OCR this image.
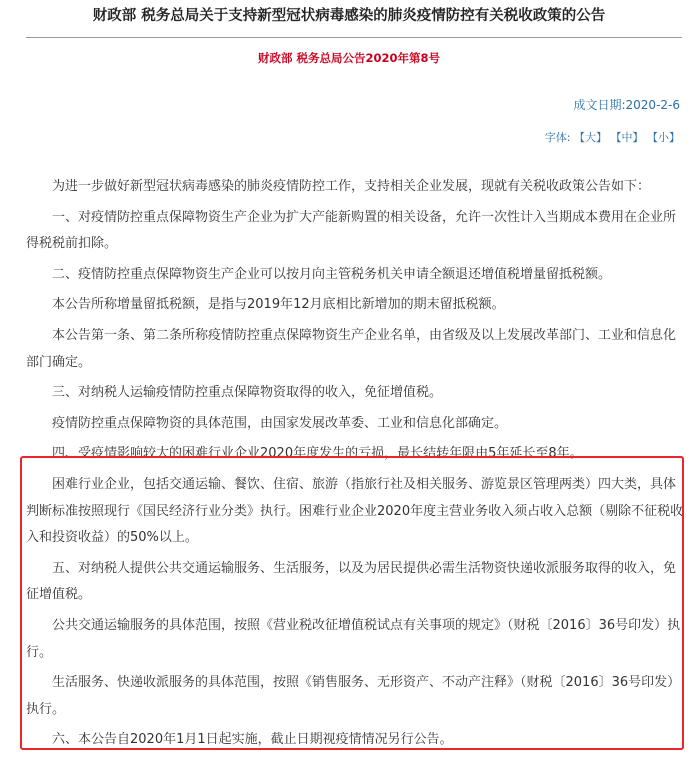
财政部 税务总局关于支持新型冠状病毒感染的肺炎疫情防控有关税收政策的公告
财政部 税务总局公告2020年第8号
成文日期:2020-2-6
字体: 【大】 【中】 【小】

为进一步做好新型冠状病毒感染的肺炎疫情防控工作，支持相关企业发展，现就有关税收政策公告如下：

一、对疫情防控重点保障物资生产企业为扩大产能新购置的相关设备，允许一次性计入当期成本费用在企业所得税税前扣除。

二、疫情防控重点保障物资生产企业可以按月向主管税务机关申请全额退还增值税增量留抵税额。

本公告所称增量留抵税额，是指与2019年12月底相比新增加的期末留抵税额。

本公告第一条、第二条所称疫情防控重点保障物资生产企业名单，由省级及以上发展改革部门、工业和信息化部门确定。

三、对纳税人运输疫情防控重点保障物资取得的收入，免征增值税。

疫情防控重点保障物资的具体范围，由国家发展改革委、工业和信息化部确定。

四、受疫情影响较大的困难行业企业2020年度发生的亏损，最长结转年限由5年延长至8年。

困难行业企业，包括交通运输、餐饮、住宿、旅游（指旅行社及相关服务、游览景区管理两类）四大类，具体判断标准按照现行《国民经济行业分类》执行。困难行业企业2020年度主营业务收入须占收入总额（剔除不征税收入和投资收益）的50%以上。

五、对纳税人提供公共交通运输服务、生活服务，以及为居民提供必需生活物资快递收派服务取得的收入，免征增值税。

公共交通运输服务的具体范围，按照《营业税改征增值税试点有关事项的规定》（财税〔2016〕36号印发）执行。

生活服务、快递收派服务的具体范围，按照《销售服务、无形资产、不动产注释》（财税〔2016〕36号印发）执行。

六、本公告自2020年1月1日起实施，截止日期视疫情情况另行公告。
